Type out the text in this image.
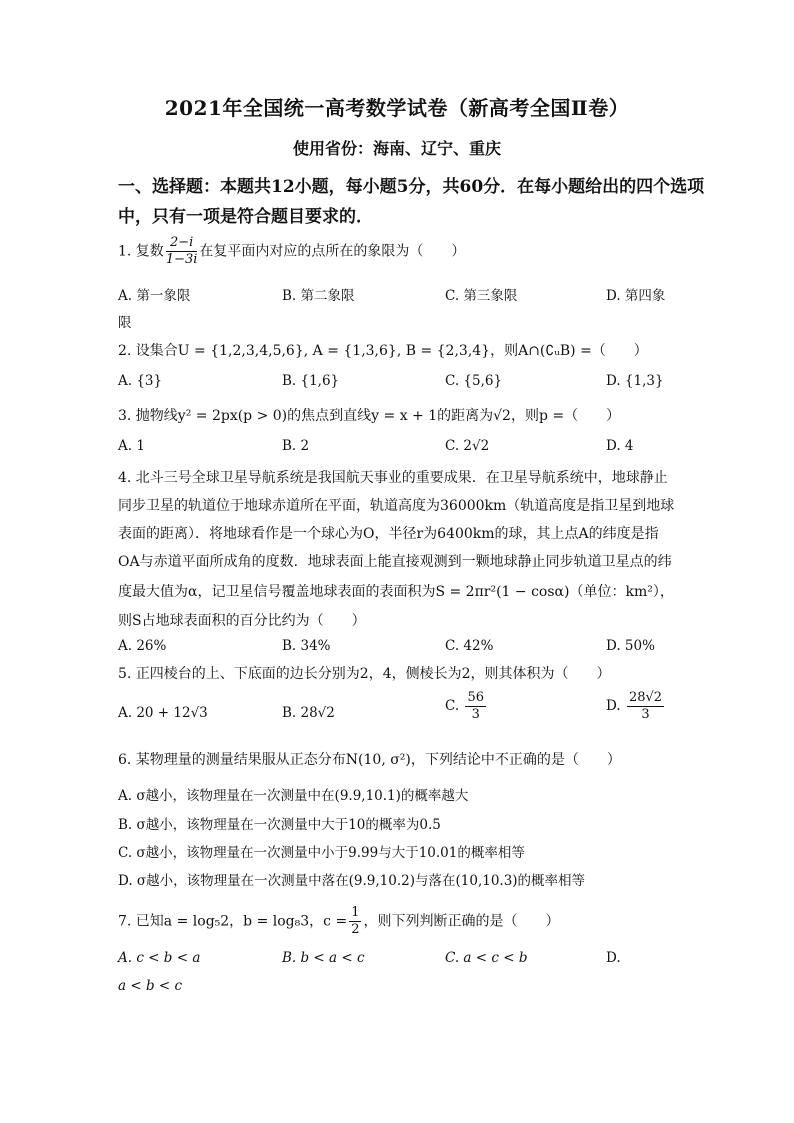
2021年全国统一高考数学试卷（新高考全国Ⅱ卷）
使用省份：海南、辽宁、重庆
一、选择题：本题共12小题，每小题5分，共60分．在每小题给出的四个选项
中，只有一项是符合题目要求的．
1. 复数 $\frac{2-i}{1-3i}$ 在复平面内对应的点所在的象限为（　　）
A. 第一象限	B. 第二象限	C. 第三象限	D. 第四象
限
2. 设集合U = {1,2,3,4,5,6}, A = {1,3,6}, B = {2,3,4}，则A∩(∁ᵤB) =（　　）
A. {3}	B. {1,6}	C. {5,6}	D. {1,3}
3. 抛物线y² = 2px(p > 0)的焦点到直线y = x + 1的距离为√2，则p =（　　）
A. 1	B. 2	C. 2√2	D. 4
4. 北斗三号全球卫星导航系统是我国航天事业的重要成果．在卫星导航系统中，地球静止
同步卫星的轨道位于地球赤道所在平面，轨道高度为36000km（轨道高度是指卫星到地球
表面的距离）．将地球看作是一个球心为O，半径r为6400km的球，其上点A的纬度是指
OA与赤道平面所成角的度数．地球表面上能直接观测到一颗地球静止同步轨道卫星点的纬
度最大值为α，记卫星信号覆盖地球表面的表面积为S = 2πr²(1 − cosα)（单位：km²），
则S占地球表面积的百分比约为（　　）
A. 26%	B. 34%	C. 42%	D. 50%
5. 正四棱台的上、下底面的边长分别为2，4，侧棱长为2，则其体积为（　　）
A. 20 + 12√3	B. 28√2	C. $\frac{56}{3}$	D. $\frac{28√2}{3}$
6. 某物理量的测量结果服从正态分布N(10, σ²)，下列结论中不正确的是（　　）
A. σ越小，该物理量在一次测量中在(9.9,10.1)的概率越大
B. σ越小，该物理量在一次测量中大于10的概率为0.5
C. σ越小，该物理量在一次测量中小于9.99与大于10.01的概率相等
D. σ越小，该物理量在一次测量中落在(9.9,10.2)与落在(10,10.3)的概率相等
7. 已知a = log₅2，b = log₈3，$c = \frac{1}{2}$ ，则下列判断正确的是（　　）
A. c < b < a	B. b < a < c	C. a < c < b	D.
a < b < c
